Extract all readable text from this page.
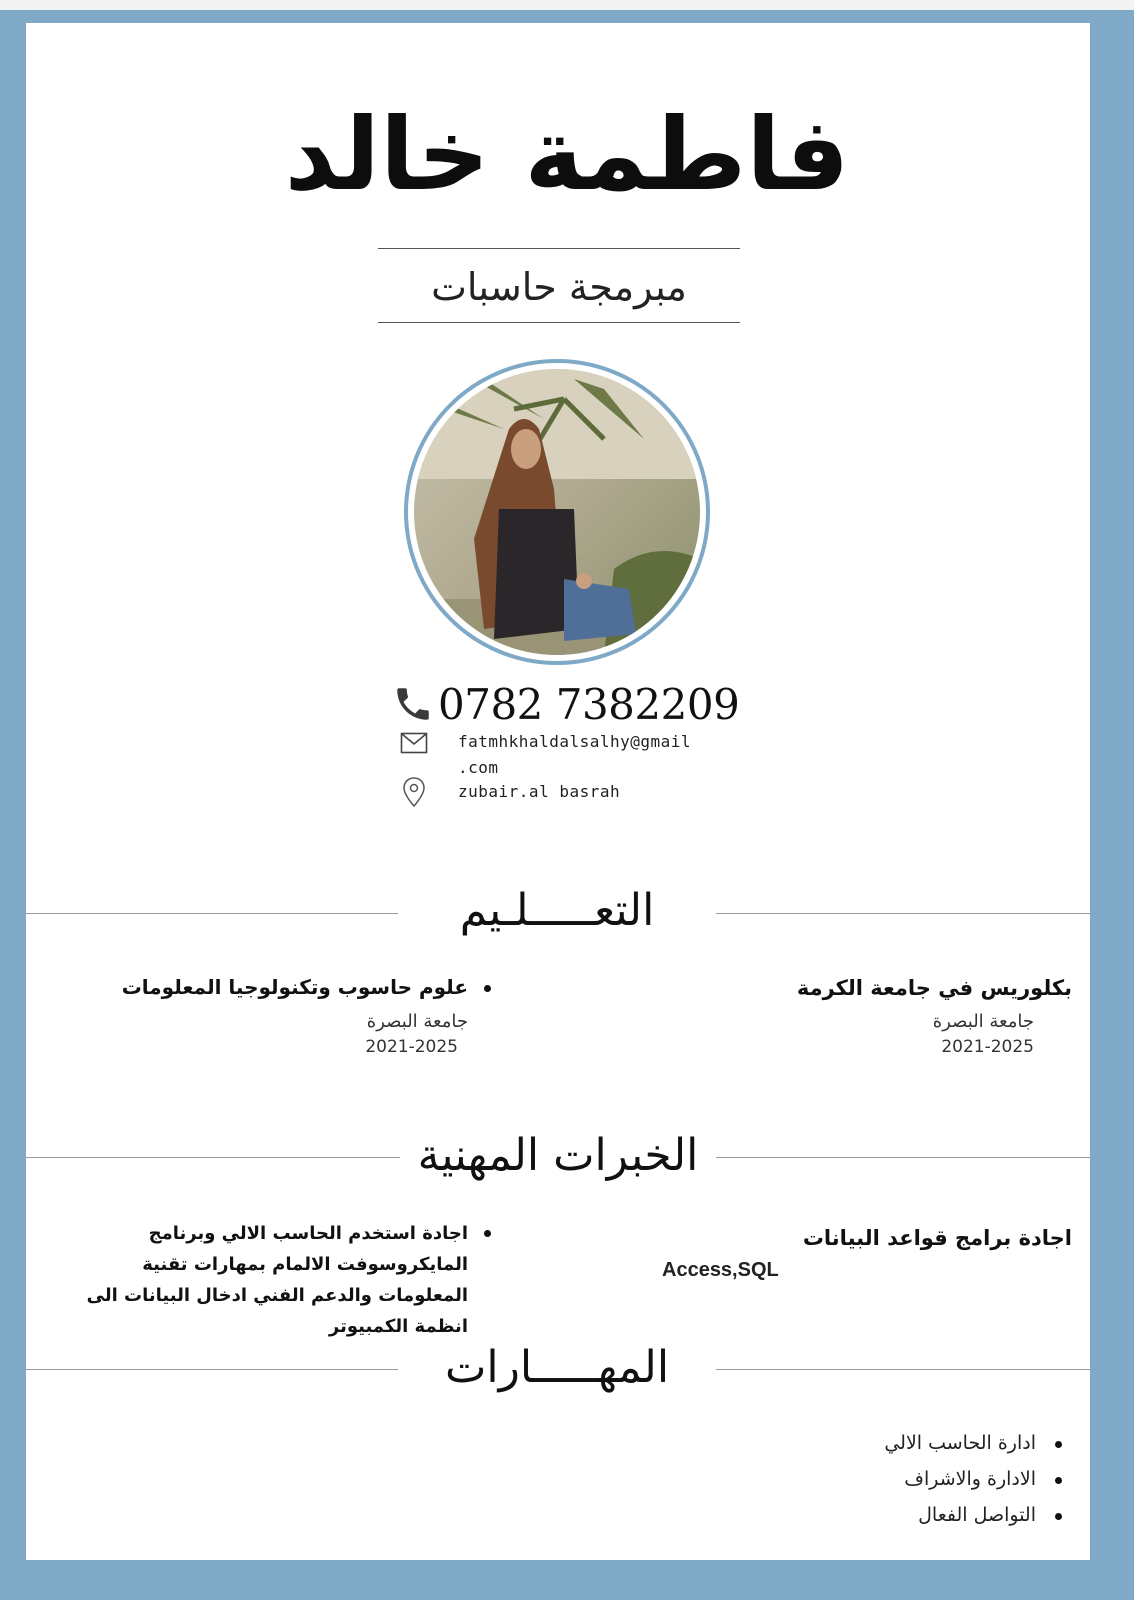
فاطمة خالد
مبرمجة حاسبات
0782 7382209
fatmhkhaldalsalhy@gmail
.com
zubair.al basrah
التعـــــلـيم
بكلوريس في جامعة الكرمة
جامعة البصرة
2021-2025
علوم حاسوب وتكنولوجيا المعلومات
جامعة البصرة
2021-2025
الخبرات المهنية
اجادة برامج قواعد البيانات
Access,SQL
اجادة استخدم الحاسب الالي وبرنامج
المايكروسوفت الالمام بمهارات تقنية
المعلومات والدعم الفني ادخال البيانات الى
انظمة الكمبيوتر
المهـــــارات
ادارة الحاسب الالي
الادارة والاشراف
التواصل الفعال
